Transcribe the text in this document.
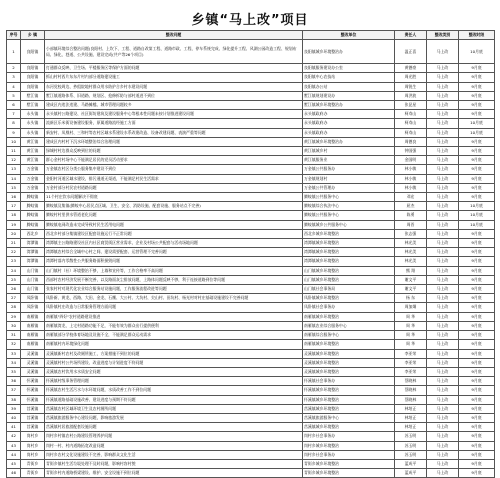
乡镇“马上改”项目
序号	乡 镇	整改问题	整改单位	责任人	整改类别	整改时限
1	良阳镇	小部镇环境综合整治问题(良阳村、上坎下、工程、道路自改第工程、道路市政、工程、停车系统完成、绿化提升工程、风湖公园改造工程、规划布局、绿化、巷道、公共设施、建设完成(共产等26个项目)	良阳镇城乡环境整治办	温正喜	马上改	10月底
2	良阳镇	打通群众反映、卫生场、平楼服务区等保护方面的问题	良阳镇服务建设办公室	黄德豪	马上改	9月底
3	良阳镇	抓山村村西片东东片村内部分道路建设施工	良阳镇中心农技站	周光胜	马上改	9月底
4	良阳镇	东河党校周边、抄组院地村群众用水防护合乡村水建设问题	良阳镇办公站	周锐生	马上改	9月底
5	墅江镇	墅江镇道路体系、旧道路、规划区、抢修拆防与部村道进不到位	墅江镇规划建设办	周洪波	马上改	9月底
6	墅江镇	建成区内违法违建、马路摊檔、城市管理问题较多	墅江镇城乡环境整治办	张昆星	马上改	9月底
7	永头镇	永头镇村公路建设、社区街坊建筑及建设服务中心等根本性问题未按计划推进建设问题	永头镇政府办	柯寿山	马上改	9月底
8	永头镇	流新区乐米街设备建设服务，原属道路流经施工方面	永头镇政府办	柯寿山	马上改	10月底
9	永头镇	新安村、凤凰村、三和村等农村区域水系建设水系改建改造、设备改建问题、表演严重等问题	永头镇政府办	柯寿山	马上改	10月底
10	黄江镇	建成区内村村下沉水环境整治综合治理问题	黄江镇城乡环境整治办	周德良	马上改	9月底
11	黄江镇	绿城村村边群众反映到位的问题	黄江镇城乡村	钟国强	马上改	9月底
12	黄江镇	群心金村村场中心不能满足居民的党员活动要求	黄江镇服务业	金国明	马上改	9月底
13	万金镇	万金镇农村区分类公服务集中建设不到位	万金镇公共服务办	林小敏	马上改	9月底
14	万金镇	金阳村河道区域水建设，排污通道无渠道，不能满足村民生活需求	万金镇规划村	林小敏	马上改	9月底
15	万金镇	万金村部分村民农村道路问题	万金镇公共管理办	林小敏	马上改	9月底
16	腾蛟镇	11个村庄饮水问题解决不彻底	腾蛟镇公共服务中心	邓宏	马上改	9月底
17	腾蛟镇	腾蛟镇及集镇(腾蛟中心居民点区域、卫生、安全、消防设施、配套设施、服务站点不完善)	腾蛟镇综合执法中心	屈杰	马上改	10月底
18	腾蛟镇	腾蛟村村里供水管道老化问题	腾蛟镇公共服务中心	陈勇	马上改	10月底
19	腾蛟镇	腾蛟镇电网改造未完成导致村民生活用电问题	腾蛟镇城乡公共服务中心	周晋	马上改	10月底
20	西北乡	西北乡村部分集镇建设区配套设施运行不正常问题	西北乡城乡环境整治	张志强	马上改	9月底
21	湾潭镇	湾潭镇主公路路建设社区内社区商贸街区营业需求，企业及村场公共配套与活动场地问题	湾潭镇城乡环境整治	林光美	马上改	9月底
22	湾潭镇	湾潭镇农村综合全域中心村之间、建设需要配套、运营管理不完善问题	湾潭镇城乡环境整治	林光美	马上改	9月底
23	湾潭镇	湾潭村落内零散性公共服务路面积损毁问题	湾潭镇城乡环境整治	林光美	马上改	9月底
24	山门镇	山门镇村（社）环境整治不够，上墙和宣传等，工作合格率不高问题	山门镇城乡环境整治	熊 翔	马上改	9月底
25	山门镇	西部村农村经济发展不断完善，以及路面灰尘排放问题，上路体问题反映不够，利于连接道路到位等问题	山门镇城乡环境整治	谢文平	马上改	9月底
26	山门镇	张家村村对现代化农业综合服务站设施问题，工作服务流程改进等问题	山门镇社会事务局	谢文平	马上改	9月底
27	凤卧镇	凤卧新、黄龙、西路、大田、金龙、石鹰、大公村、大坑村、尖山村、田坑村、杨光村对村庄基础设施建设不完善问题	凤卧镇城乡环境整治	杨 东	马上改	9月底
28	凤卧镇	凤卧镇村庄改造与日常服务管理方面问题	凤卧镇社会事务办	周加炯	马上改	9月底
29	南雁镇	南雁镇"四好"农村道路建设推进	南雁镇城乡环境整治	周 华	马上改	9月底
30	南雁镇	南雁镇湾龙、上宅村道路功能不足，不能有效为群众出行提供便利	南雁镇农业综合服务中心	周 华	马上改	9月底
31	南雁镇	南雁镇部分学校体育场地及设施不全，不能满足群众运动需求	南雁镇综合服务中心	周 华	马上改	9月底
32	南雁镇	南雁镇村内环境绿化问题	南雁镇城乡环境整治	周 华	马上改	9月底
33	灵溪镇	灵溪镇新村农村及改厕所施工，方案措施不到位的问题	灵溪镇城乡环境整治	李亚荣	马上改	9月底
34	灵溪镇	灵溪镇村村公共场所建设、改造进度与计划进度不符问题	灵溪镇城乡环境整治	李亚荣	马上改	9月底
35	灵溪镇	灵溪镇农村饮用水水质安全问题	灵溪镇城乡环境整治	李亚荣	马上改	9月底
36	怀溪镇	怀溪镇村级事务管理问题	怀溪镇社会事务办	蔡晓林	马上改	9月底
37	怀溪镇	怀溪镇农村生活污水与水环境问题，水质改善工作不到位问题	怀溪镇城乡环境整治	蔡晓林	马上改	9月底
38	怀溪镇	怀溪镇道路基础设施改善、建设进度与预期不符问题	怀溪镇城乡环境整治	蔡晓林	马上改	9月底
39	莒溪镇	莒溪镇农村区域环境卫生及农村厕所问题	莒溪镇城乡环境整治	林培正	马上改	9月底
40	莒溪镇	莒溪镇旅游服务中心建设问题，影响旅游发展	莒溪镇旅游服务中心	林培正	马上改	9月底
41	莒溪镇	莒溪镇村居旅游配套设施问题	莒溪镇城乡环境整治	林培正	马上改	9月底
42	岗村乡	岗村乡村镇农村公路建设管理养护问题	岗村乡社会事务办	苏玉明	马上改	9月底
43	岗村乡	岗村一村、村内道路拓宽改造问题	岗村乡城乡环境整治	苏玉明	马上改	9月底
44	岗村乡	岗村乡农村文化设施建设不完善，影响群众文化生活	岗村乡社会事务办	苏玉明	马上改	9月底
45	青街乡	青街乡镇村生活垃圾处理不及时问题，影响村容村貌	青街乡城乡环境整治	蓝成平	马上改	9月底
46	青街乡	青街乡村内道路桥梁建设、维护、安全设施不到位问题	青街乡城乡环境整治	蓝成平	马上改	9月底
